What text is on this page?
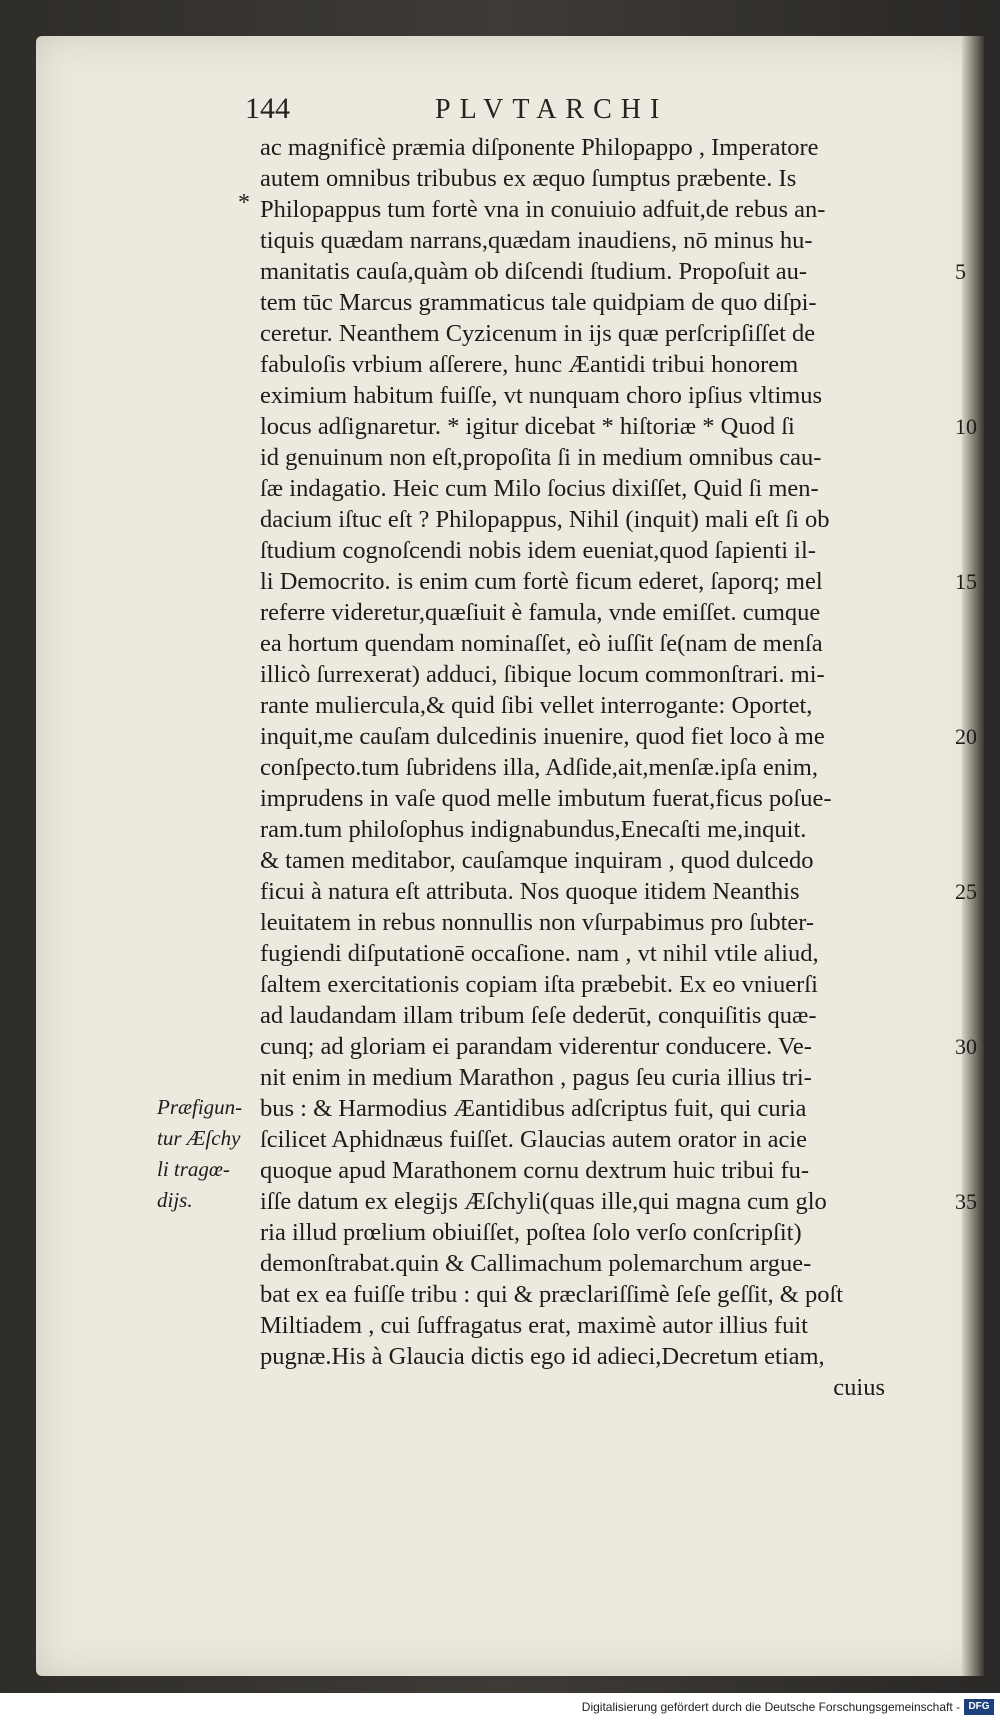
144	PLVTARCHI
*
ac magnificè præmia diſponente Philopappo , Imperatore
autem omnibus tribubus ex æquo ſumptus præbente. Is
Philopappus tum fortè vna in conuiuio adfuit,de rebus an-
tiquis quædam narrans,quædam inaudiens, nō minus hu-
manitatis cauſa,quàm ob diſcendi ſtudium. Propoſuit au-
tem tūc Marcus grammaticus tale quidpiam de quo diſpi-
ceretur. Neanthem Cyzicenum in ijs quæ perſcripſiſſet de
fabuloſis vrbium aſſerere, hunc Æantidi tribui honorem
eximium habitum fuiſſe, vt nunquam choro ipſius vltimus
locus adſignaretur. * igitur dicebat * hiſtoriæ * Quod ſi
id genuinum non eſt,propoſita ſi in medium omnibus cau-
ſæ indagatio. Heic cum Milo ſocius dixiſſet, Quid ſi men-
dacium iſtuc eſt ? Philopappus, Nihil (inquit) mali eſt ſi ob
ſtudium cognoſcendi nobis idem eueniat,quod ſapienti il-
li Democrito. is enim cum fortè ficum ederet, ſaporq; mel
referre videretur,quæſiuit è famula, vnde emiſſet. cumque
ea hortum quendam nominaſſet, eò iuſſit ſe(nam de menſa
illicò ſurrexerat) adduci, ſibique locum commonſtrari. mi-
rante muliercula,& quid ſibi vellet interrogante: Oportet,
inquit,me cauſam dulcedinis inuenire, quod fiet loco à me
conſpecto.tum ſubridens illa, Adſide,ait,menſæ.ipſa enim,
imprudens in vaſe quod melle imbutum fuerat,ficus poſue-
ram.tum philoſophus indignabundus,Enecaſti me,inquit.
& tamen meditabor, cauſamque inquiram , quod dulcedo
ficui à natura eſt attributa. Nos quoque itidem Neanthis
leuitatem in rebus nonnullis non vſurpabimus pro ſubter-
fugiendi diſputationē occaſione. nam , vt nihil vtile aliud,
ſaltem exercitationis copiam iſta præbebit. Ex eo vniuerſi
ad laudandam illam tribum ſeſe dederūt, conquiſitis quæ-
cunq; ad gloriam ei parandam viderentur conducere. Ve-
nit enim in medium Marathon , pagus ſeu curia illius tri-
bus : & Harmodius Æantidibus adſcriptus fuit, qui curia
ſcilicet Aphidnæus fuiſſet. Glaucias autem orator in acie
quoque apud Marathonem cornu dextrum huic tribui fu-
iſſe datum ex elegijs Æſchyli(quas ille,qui magna cum glo
ria illud prœlium obiuiſſet, poſtea ſolo verſo conſcripſit)
demonſtrabat.quin & Callimachum polemarchum argue-
bat ex ea fuiſſe tribu : qui & præclariſſimè ſeſe geſſit, & poſt
Miltiadem , cui ſuffragatus erat, maximè autor illius fuit
pugnæ.His à Glaucia dictis ego id adieci,Decretum etiam,
cuius
5
10
15
20
25
30
35
Præfigun-
tur Æſchy
li tragœ-
dijs.
Digitalisierung gefördert durch die Deutsche Forschungsgemeinschaft - DFG
